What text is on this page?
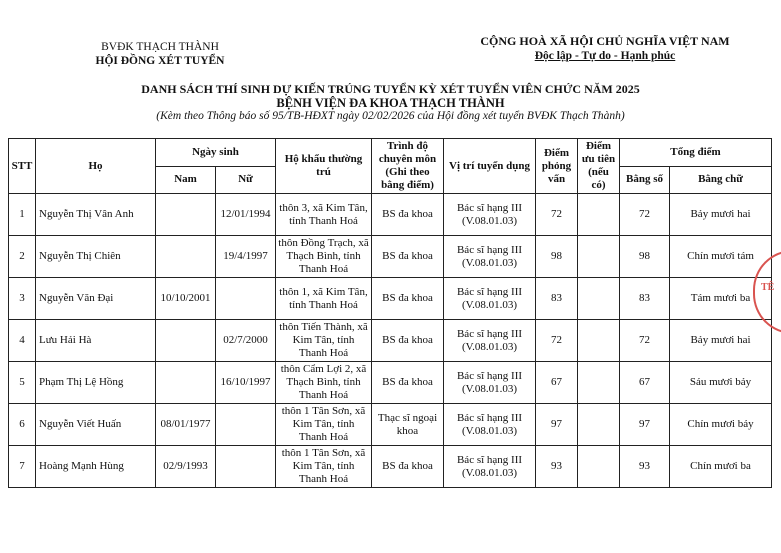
BVĐK THẠCH THÀNH
HỘI ĐỒNG XÉT TUYỂN
CỘNG HOÀ XÃ HỘI CHỦ NGHĨA VIỆT NAM
Độc lập - Tự do - Hạnh phúc
DANH SÁCH THÍ SINH DỰ KIẾN TRÚNG TUYỂN KỲ XÉT TUYỂN VIÊN CHỨC NĂM 2025
BỆNH VIỆN ĐA KHOA THẠCH THÀNH
(Kèm theo Thông báo số 95/TB-HĐXT ngày 02/02/2026 của Hội đồng xét tuyển BVĐK Thạch Thành)
STT	Họ	Ngày sinh		Hộ khẩu thường trú	Trình độ chuyên môn (Ghi theo bằng điểm)	Vị trí tuyển dụng	Điểm phỏng vấn	Điểm ưu tiên (nếu có)	Tổng điểm	
		Nam	Nữ						Bằng số	Bằng chữ
1	Nguyễn Thị Vân Anh		12/01/1994	thôn 3, xã Kim Tân, tỉnh Thanh Hoá	BS đa khoa	Bác sĩ hạng III (V.08.01.03)	72		72	Bảy mươi hai
2	Nguyễn Thị Chiên		19/4/1997	thôn Đồng Trạch, xã Thạch Bình, tỉnh Thanh Hoá	BS đa khoa	Bác sĩ hạng III (V.08.01.03)	98		98	Chín mươi tám
3	Nguyễn Văn Đại	10/10/2001		thôn 1, xã Kim Tân, tỉnh Thanh Hoá	BS đa khoa	Bác sĩ hạng III (V.08.01.03)	83		83	Tám mươi ba
4	Lưu Hải Hà		02/7/2000	thôn Tiến Thành, xã Kim Tân, tỉnh Thanh Hoá	BS đa khoa	Bác sĩ hạng III (V.08.01.03)	72		72	Bảy mươi hai
5	Phạm Thị Lệ Hồng		16/10/1997	thôn Cẩm Lợi 2, xã Thạch Bình, tỉnh Thanh Hoá	BS đa khoa	Bác sĩ hạng III (V.08.01.03)	67		67	Sáu mươi bảy
6	Nguyễn Viết Huấn	08/01/1977		thôn 1 Tân Sơn, xã Kim Tân, tỉnh Thanh Hoá	Thạc sĩ ngoại khoa	Bác sĩ hạng III (V.08.01.03)	97		97	Chín mươi bảy
7	Hoàng Mạnh Hùng	02/9/1993		thôn 1 Tân Sơn, xã Kim Tân, tỉnh Thanh Hoá	BS đa khoa	Bác sĩ hạng III (V.08.01.03)	93		93	Chín mươi ba
TÊ
